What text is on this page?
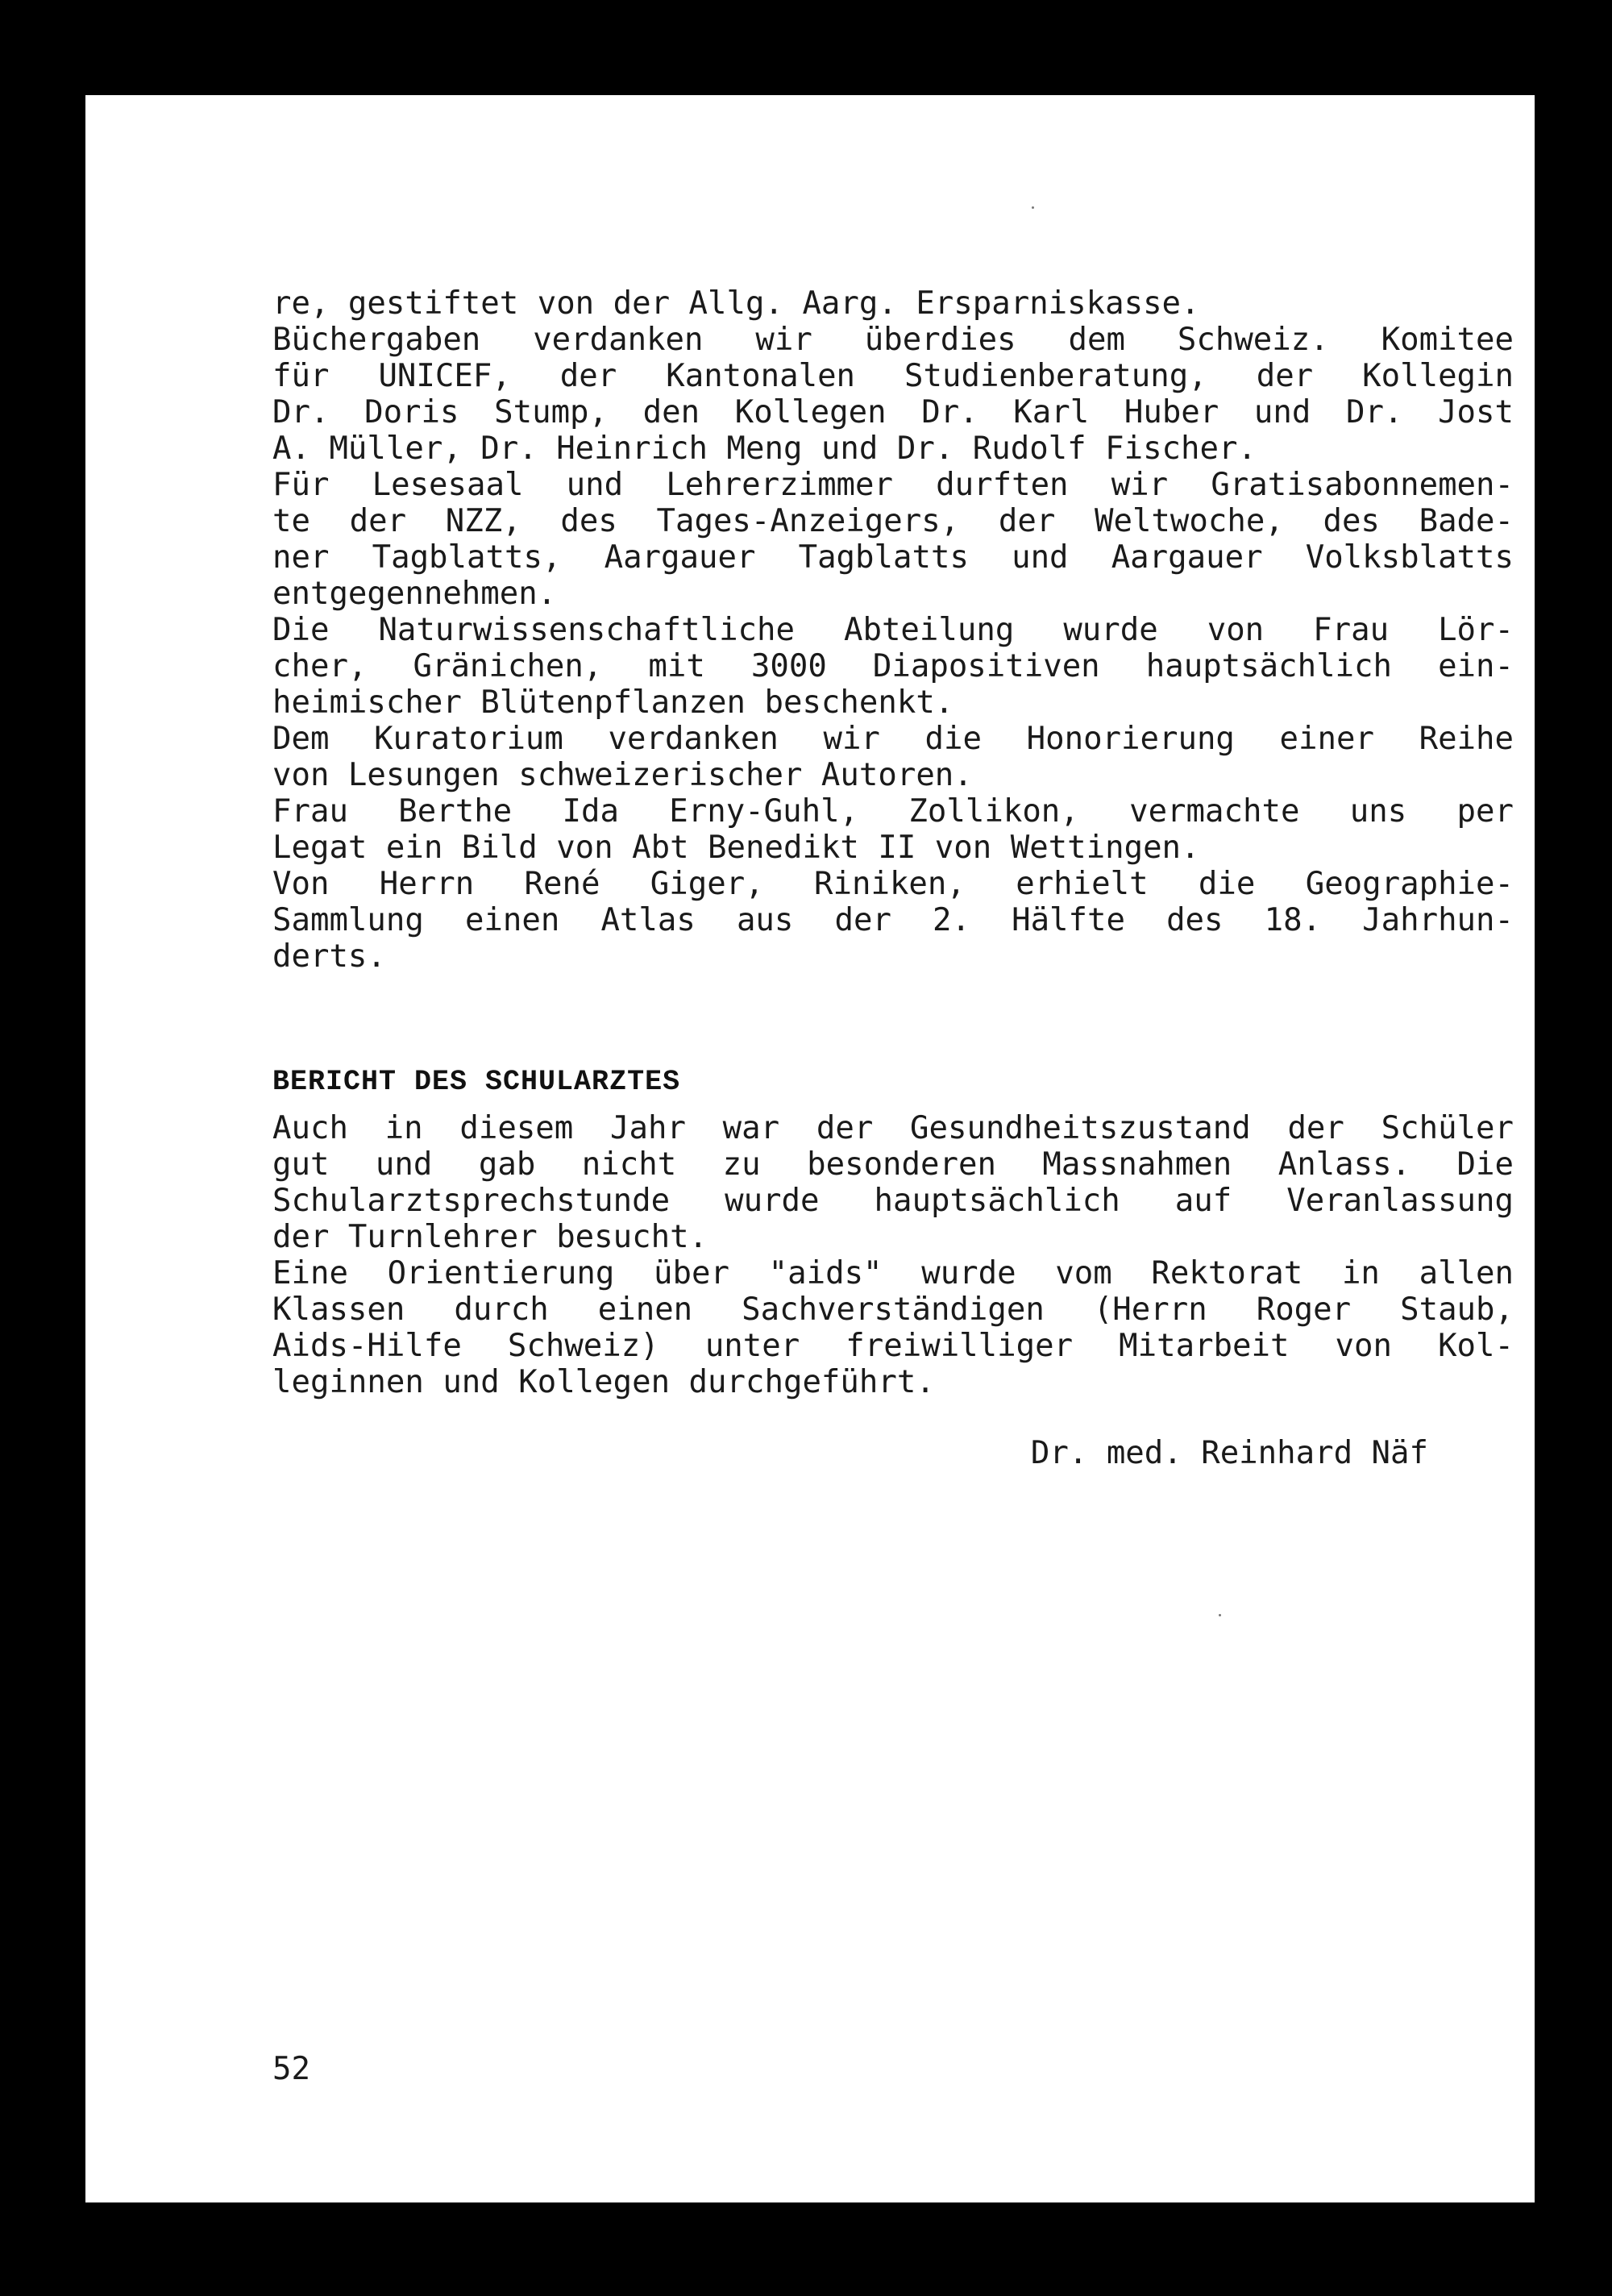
re, gestiftet von der Allg. Aarg. Ersparniskasse.

Büchergaben verdanken wir überdies dem Schweiz. Komitee

für UNICEF, der Kantonalen Studienberatung, der Kollegin

Dr. Doris Stump, den Kollegen Dr. Karl Huber und Dr. Jost

A. Müller, Dr. Heinrich Meng und Dr. Rudolf Fischer.

Für Lesesaal und Lehrerzimmer durften wir Gratisabonnemen-

te der NZZ, des Tages-Anzeigers, der Weltwoche, des Bade-

ner Tagblatts, Aargauer Tagblatts und Aargauer Volksblatts

entgegennehmen.

Die Naturwissenschaftliche Abteilung wurde von Frau Lör-

cher, Gränichen, mit 3000 Diapositiven hauptsächlich ein-

heimischer Blütenpflanzen beschenkt.

Dem Kuratorium verdanken wir die Honorierung einer Reihe

von Lesungen schweizerischer Autoren.

Frau Berthe Ida Erny-Guhl, Zollikon, vermachte uns per

Legat ein Bild von Abt Benedikt II von Wettingen.

Von Herrn René Giger, Riniken, erhielt die Geographie-

Sammlung einen Atlas aus der 2. Hälfte des 18. Jahrhun-

derts.

BERICHT DES SCHULARZTES

Auch in diesem Jahr war der Gesundheitszustand der Schüler

gut und gab nicht zu besonderen Massnahmen Anlass. Die

Schularztsprechstunde wurde hauptsächlich auf Veranlassung

der Turnlehrer besucht.

Eine Orientierung über "aids" wurde vom Rektorat in allen

Klassen durch einen Sachverständigen (Herrn Roger Staub,

Aids-Hilfe Schweiz) unter freiwilliger Mitarbeit von Kol-

leginnen und Kollegen durchgeführt.

Dr. med. Reinhard Näf

52
